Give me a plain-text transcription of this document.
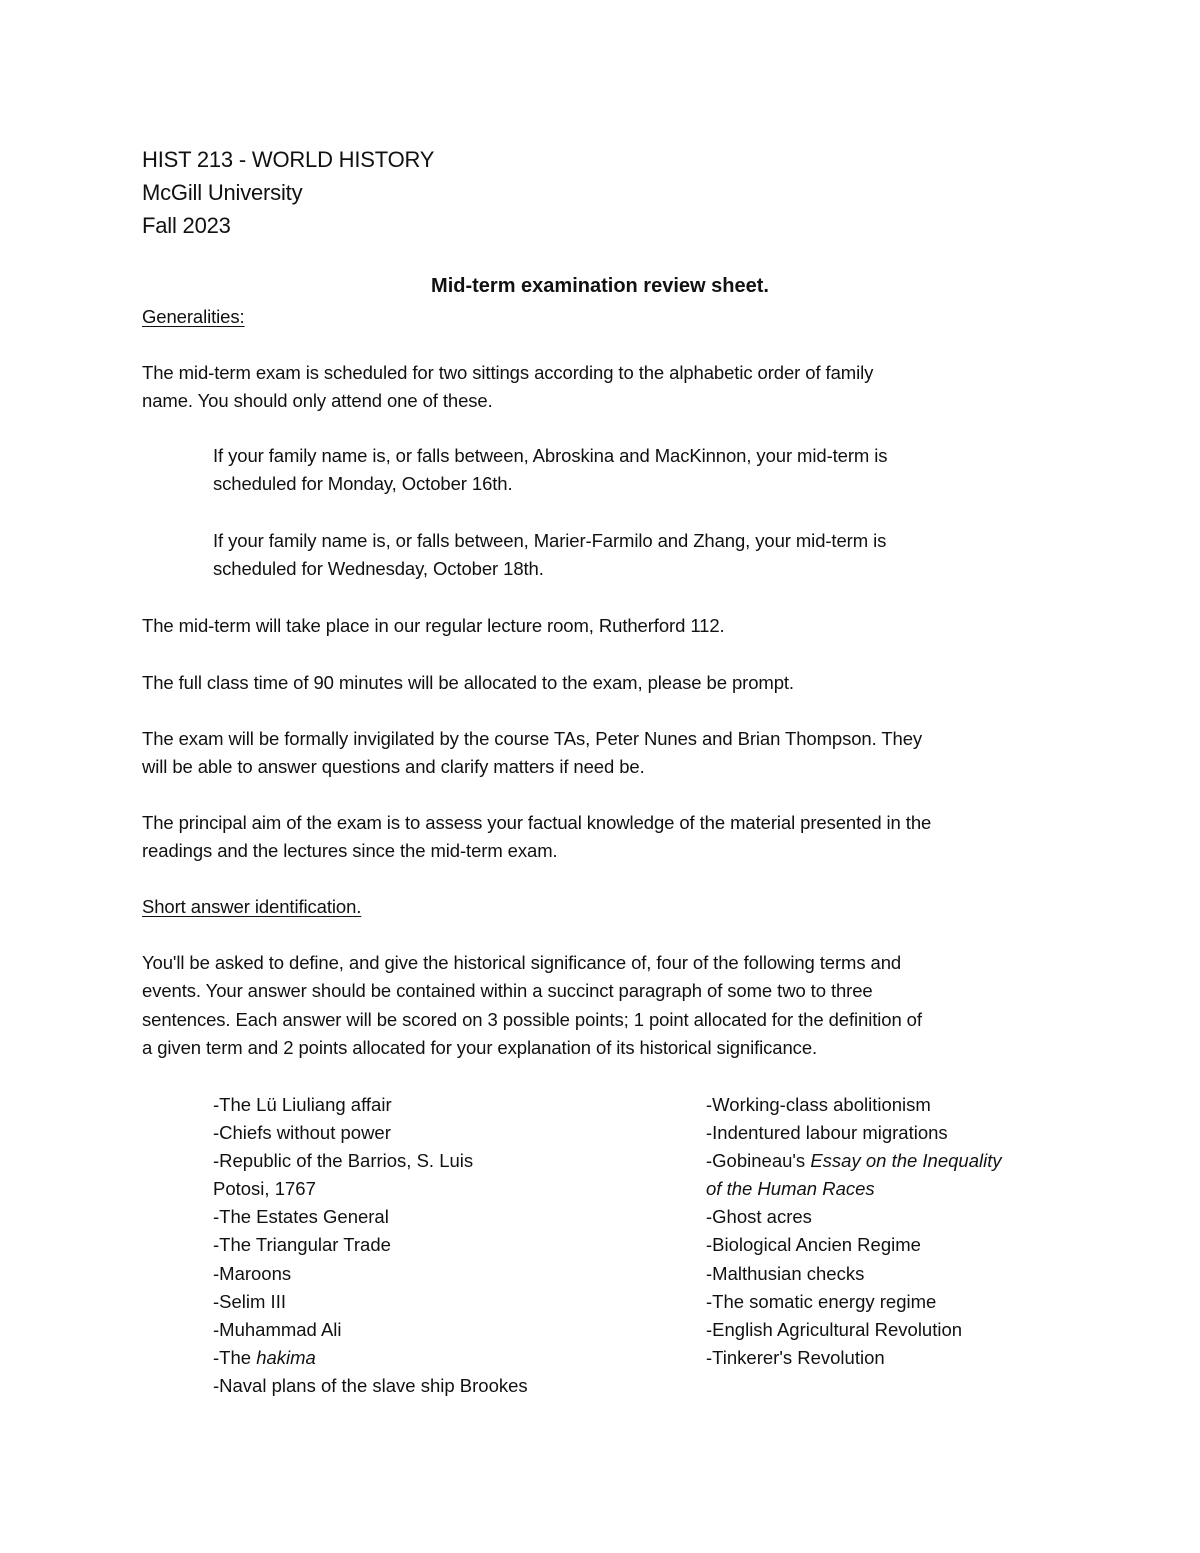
HIST 213 - WORLD HISTORY
McGill University
Fall 2023
Mid-term examination review sheet.
Generalities:
The mid-term exam is scheduled for two sittings according to the alphabetic order of family
name. You should only attend one of these.
If your family name is, or falls between, Abroskina and MacKinnon, your mid-term is
scheduled for Monday, October 16th.
If your family name is, or falls between, Marier-Farmilo and Zhang, your mid-term is
scheduled for Wednesday, October 18th.
The mid-term will take place in our regular lecture room, Rutherford 112.
The full class time of 90 minutes will be allocated to the exam, please be prompt.
The exam will be formally invigilated by the course TAs, Peter Nunes and Brian Thompson. They
will be able to answer questions and clarify matters if need be.
The principal aim of the exam is to assess your factual knowledge of the material presented in the
readings and the lectures since the mid-term exam.
Short answer identification.
You'll be asked to define, and give the historical significance of, four of the following terms and
events. Your answer should be contained within a succinct paragraph of some two to three
sentences. Each answer will be scored on 3 possible points; 1 point allocated for the definition of
a given term and 2 points allocated for your explanation of its historical significance.
-The Lü Liuliang affair
-Chiefs without power
-Republic of the Barrios, S. Luis
Potosi, 1767
-The Estates General
-The Triangular Trade
-Maroons
-Selim III
-Muhammad Ali
-The hakima
-Naval plans of the slave ship Brookes
-Working-class abolitionism
-Indentured labour migrations
-Gobineau's Essay on the Inequality
of the Human Races
-Ghost acres
-Biological Ancien Regime
-Malthusian checks
-The somatic energy regime
-English Agricultural Revolution
-Tinkerer's Revolution
